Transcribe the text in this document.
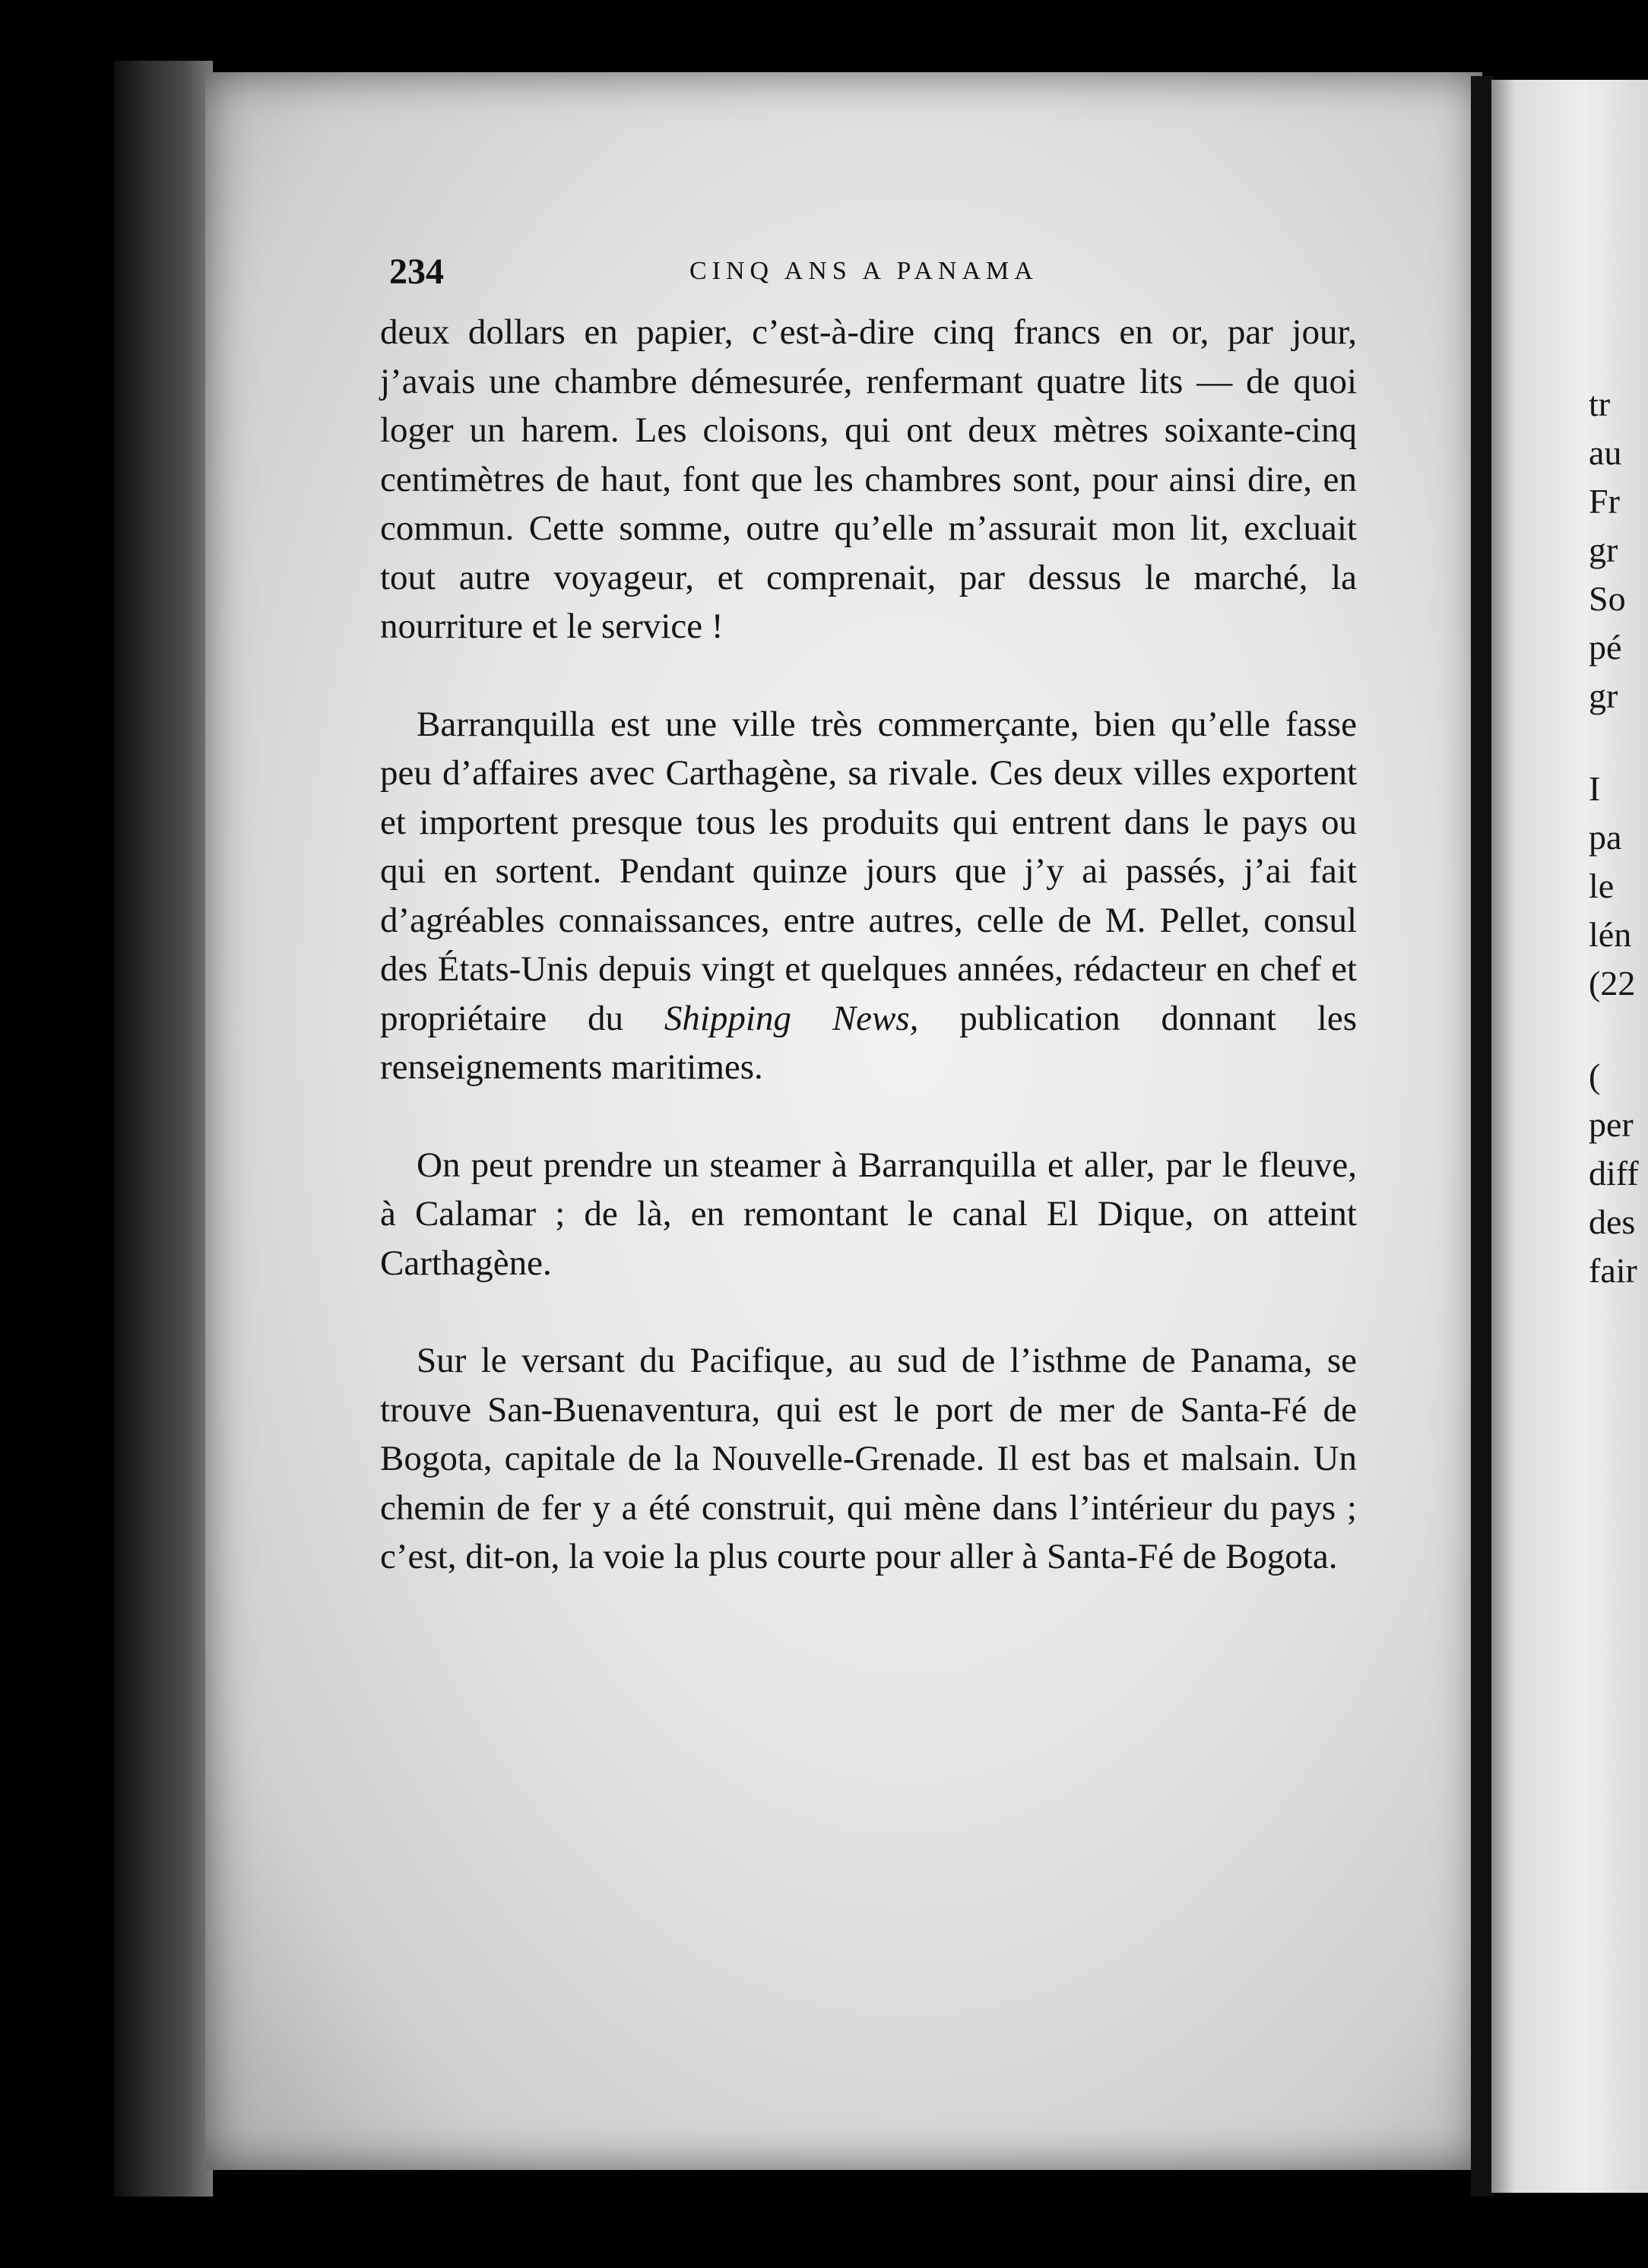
234	CINQ ANS A PANAMA

deux dollars en papier, c’est-à-dire cinq francs en or, par jour, j’avais une chambre démesurée, renfermant quatre lits — de quoi loger un harem. Les cloisons, qui ont deux mètres soixante-cinq centimètres de haut, font que les chambres sont, pour ainsi dire, en commun. Cette somme, outre qu’elle m’assurait mon lit, excluait tout autre voyageur, et comprenait, par dessus le marché, la nourriture et le service !

Barranquilla est une ville très commerçante, bien qu’elle fasse peu d’affaires avec Carthagène, sa rivale. Ces deux villes exportent et importent presque tous les produits qui entrent dans le pays ou qui en sortent. Pendant quinze jours que j’y ai passés, j’ai fait d’agréables connaissances, entre autres, celle de M. Pellet, consul des États-Unis depuis vingt et quelques années, rédacteur en chef et propriétaire du Shipping News, publication donnant les renseignements maritimes.

On peut prendre un steamer à Barranquilla et aller, par le fleuve, à Calamar ; de là, en remontant le canal El Dique, on atteint Carthagène.

Sur le versant du Pacifique, au sud de l’isthme de Panama, se trouve San-Buenaventura, qui est le port de mer de Santa-Fé de Bogota, capitale de la Nouvelle-Grenade. Il est bas et malsain. Un chemin de fer y a été construit, qui mène dans l’intérieur du pays ; c’est, dit-on, la voie la plus courte pour aller à Santa-Fé de Bogota.

tr
au
Fr
gr
So
pé
gr
I
pa
le
lén
(22
(
per
diff
des
fair
